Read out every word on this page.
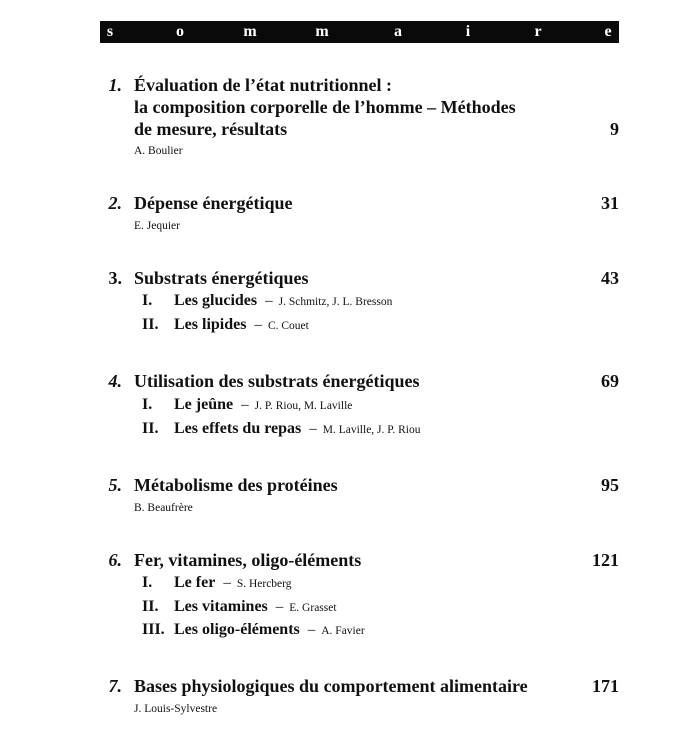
s	o	m	m	a	i	r	e
1. Évaluation de l’état nutritionnel :
la composition corporelle de l’homme – Méthodes
de mesure, résultats	9
A. Boulier
2. Dépense énergétique	31
E. Jequier
3. Substrats énergétiques	43
I. Les glucides – J. Schmitz, J. L. Bresson
II. Les lipides – C. Couet
4. Utilisation des substrats énergétiques	69
I. Le jeûne – J. P. Riou, M. Laville
II. Les effets du repas – M. Laville, J. P. Riou
5. Métabolisme des protéines	95
B. Beaufrère
6. Fer, vitamines, oligo-éléments	121
I. Le fer – S. Hercberg
II. Les vitamines – E. Grasset
III. Les oligo-éléments – A. Favier
7. Bases physiologiques du comportement alimentaire	171
J. Louis-Sylvestre
